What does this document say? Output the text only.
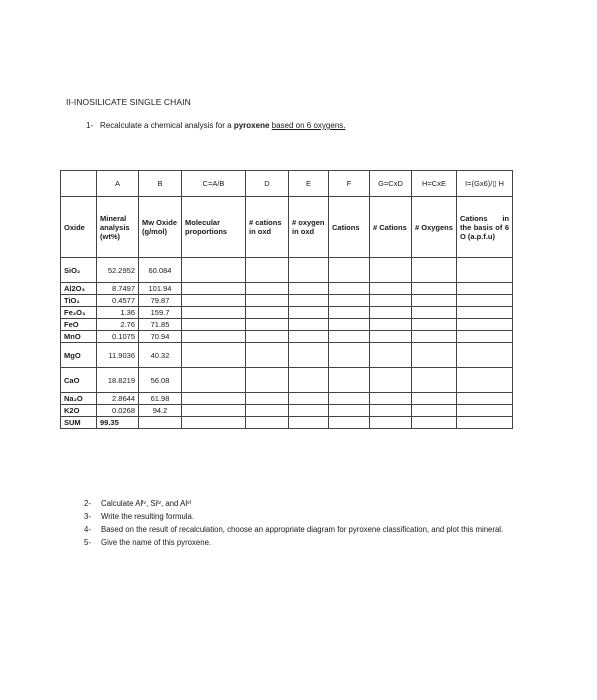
II-INOSILICATE SINGLE CHAIN
1- Recalculate a chemical analysis for a pyroxene based on 6 oxygens.
	A	B	C=A/B	D	E	F	G=CxD	H=CxE	I=(Gx6)/▯ H
Oxide	Mineral analysis (wt%)	Mw Oxide (g/mol)	Molecular proportions	# cations in oxd	# oxygen in oxd	Cations	# Cations	# Oxygens	Cations in the basis of 6 O (a.p.f.u)
SiO₂	52.2952	60.084							
Al2O₃	8.7497	101.94							
TiO₂	0.4577	79.87							
Fe₂O₃	1.36	159.7							
FeO	2.76	71.85							
MnO	0.1075	70.94							
MgO	11.9036	40.32							
CaO	18.8219	56.08							
Na₂O	2.8644	61.98							
K2O	0.0268	94.2							
SUM	99.35								
2-	Calculate Alᴵᵛ, Siᴵᵛ, and Alᵛᴵ
3-	Write the resulting formula.
4-	Based on the result of recalculation, choose an appropriate diagram for pyroxene classification, and plot this mineral.
5-	Give the name of this pyroxene.
